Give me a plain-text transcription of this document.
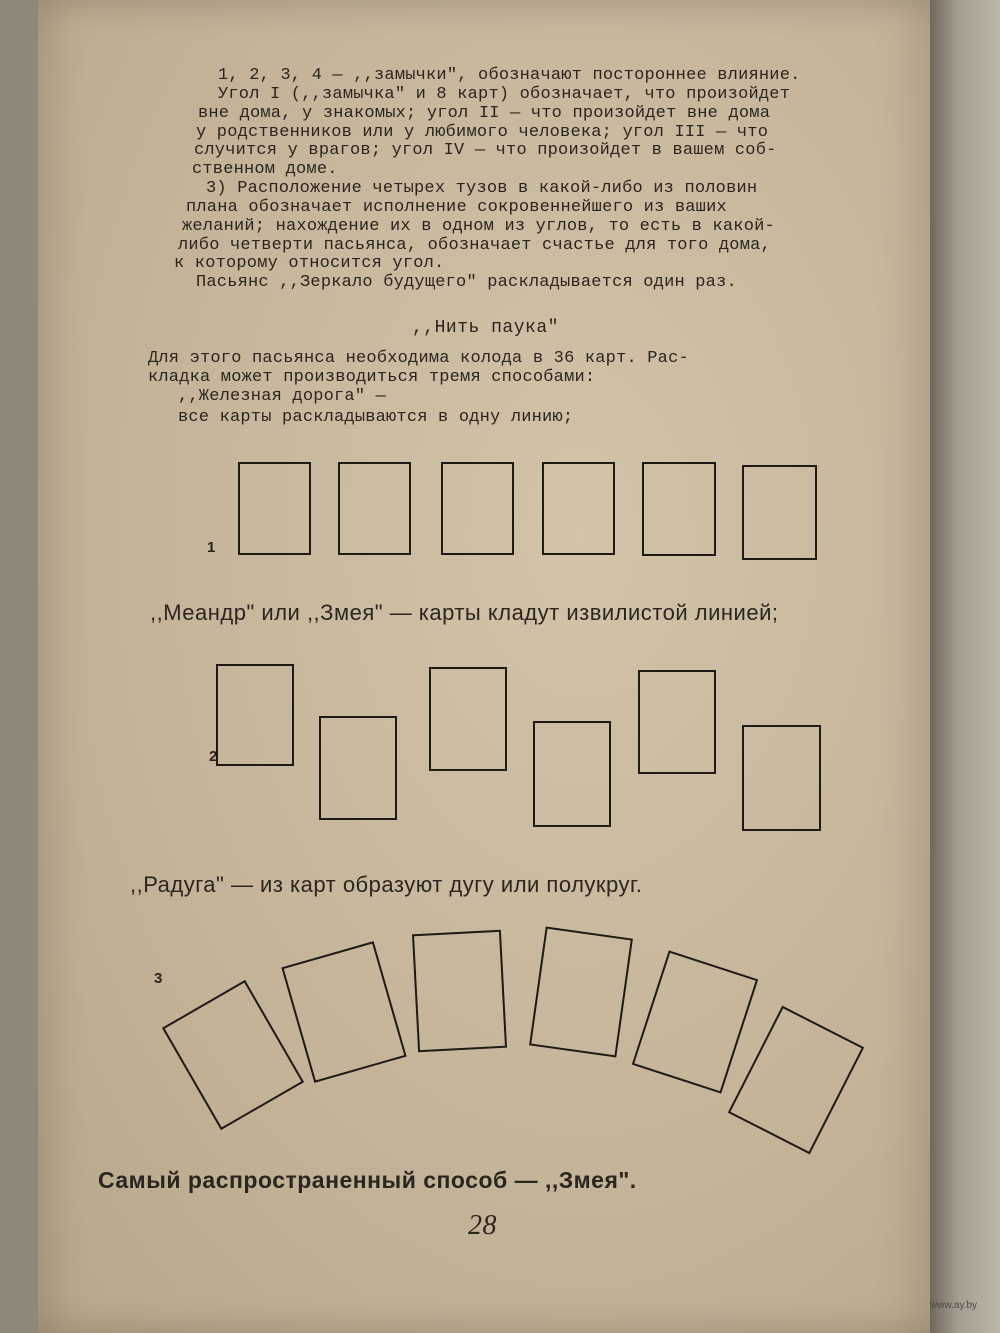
1, 2, 3, 4 — ,,замычки", обозначают постороннее влияние.

Угол I (,,замычка" и 8 карт) обозначает, что произойдет

вне дома, у знакомых; угол II — что произойдет вне дома

у родственников или у любимого человека; угол III — что

случится у врагов; угол IV — что произойдет в вашем соб-

ственном доме.

3) Расположение четырех тузов в какой-либо из половин

плана обозначает исполнение сокровеннейшего из ваших

желаний; нахождение их в одном из углов, то есть в какой-

либо четверти пасьянса, обозначает счастье для того дома,

к которому относится угол.

Пасьянс ,,Зеркало будущего" раскладывается один раз.

,,Нить паука"

Для этого пасьянса необходима колода в 36 карт. Рас-

кладка может производиться тремя способами:

,,Железная дорога" —

все карты раскладываются в одну линию;

1

,,Меандр" или ,,Змея" — карты кладут извилистой линией;

2

,,Радуга" — из карт образуют дугу или полукруг.

3

Самый распространенный способ — ,,Змея".

28

www.ay.by
